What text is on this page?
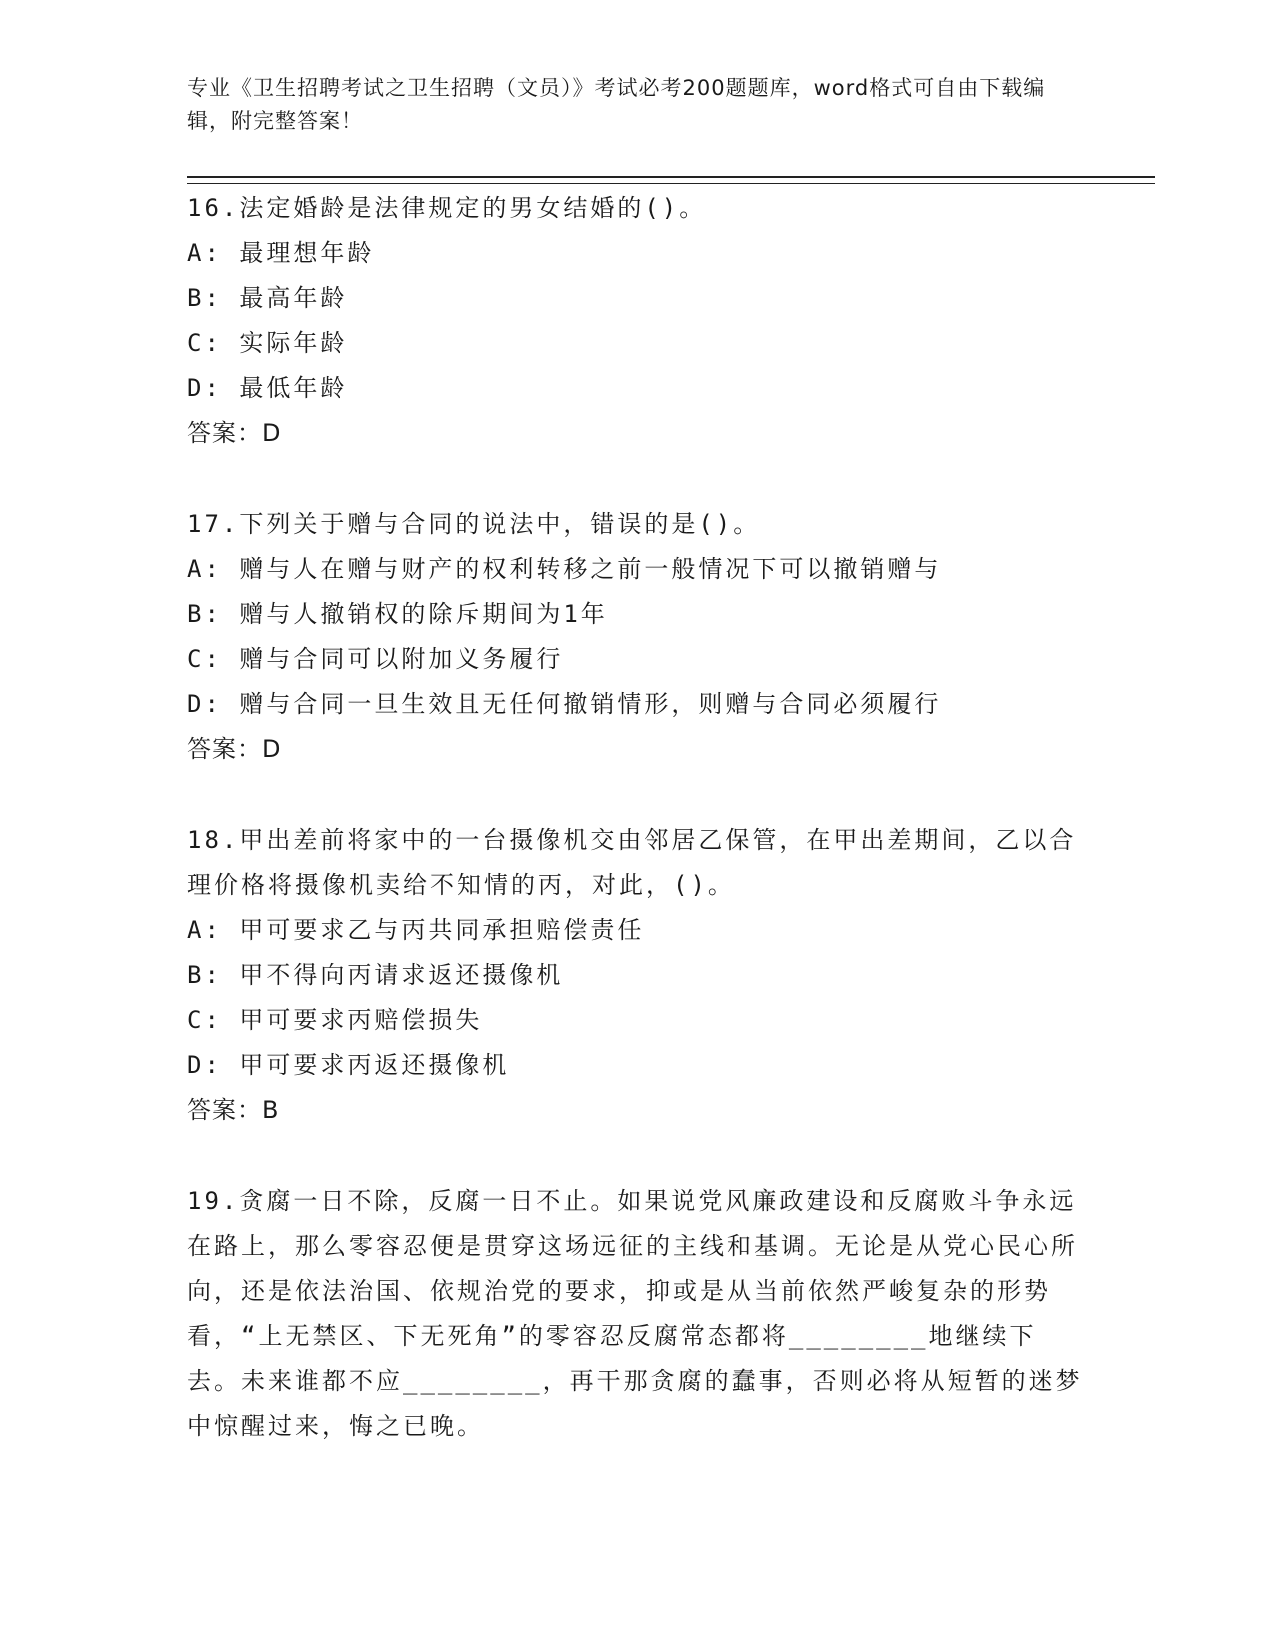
专业《卫生招聘考试之卫生招聘（文员）》考试必考200题题库，word格式可自由下载编辑，附完整答案！
16.法定婚龄是法律规定的男女结婚的()。
A: 最理想年龄
B: 最高年龄
C: 实际年龄
D: 最低年龄
答案：D
17.下列关于赠与合同的说法中，错误的是()。
A: 赠与人在赠与财产的权利转移之前一般情况下可以撤销赠与
B: 赠与人撤销权的除斥期间为1年
C: 赠与合同可以附加义务履行
D: 赠与合同一旦生效且无任何撤销情形，则赠与合同必须履行
答案：D
18.甲出差前将家中的一台摄像机交由邻居乙保管，在甲出差期间，乙以合理价格将摄像机卖给不知情的丙，对此，()。
A: 甲可要求乙与丙共同承担赔偿责任
B: 甲不得向丙请求返还摄像机
C: 甲可要求丙赔偿损失
D: 甲可要求丙返还摄像机
答案：B
19.贪腐一日不除，反腐一日不止。如果说党风廉政建设和反腐败斗争永远在路上，那么零容忍便是贯穿这场远征的主线和基调。无论是从党心民心所向，还是依法治国、依规治党的要求，抑或是从当前依然严峻复杂的形势看，“上无禁区、下无死角”的零容忍反腐常态都将________地继续下去。未来谁都不应________，再干那贪腐的蠢事，否则必将从短暂的迷梦中惊醒过来，悔之已晚。
